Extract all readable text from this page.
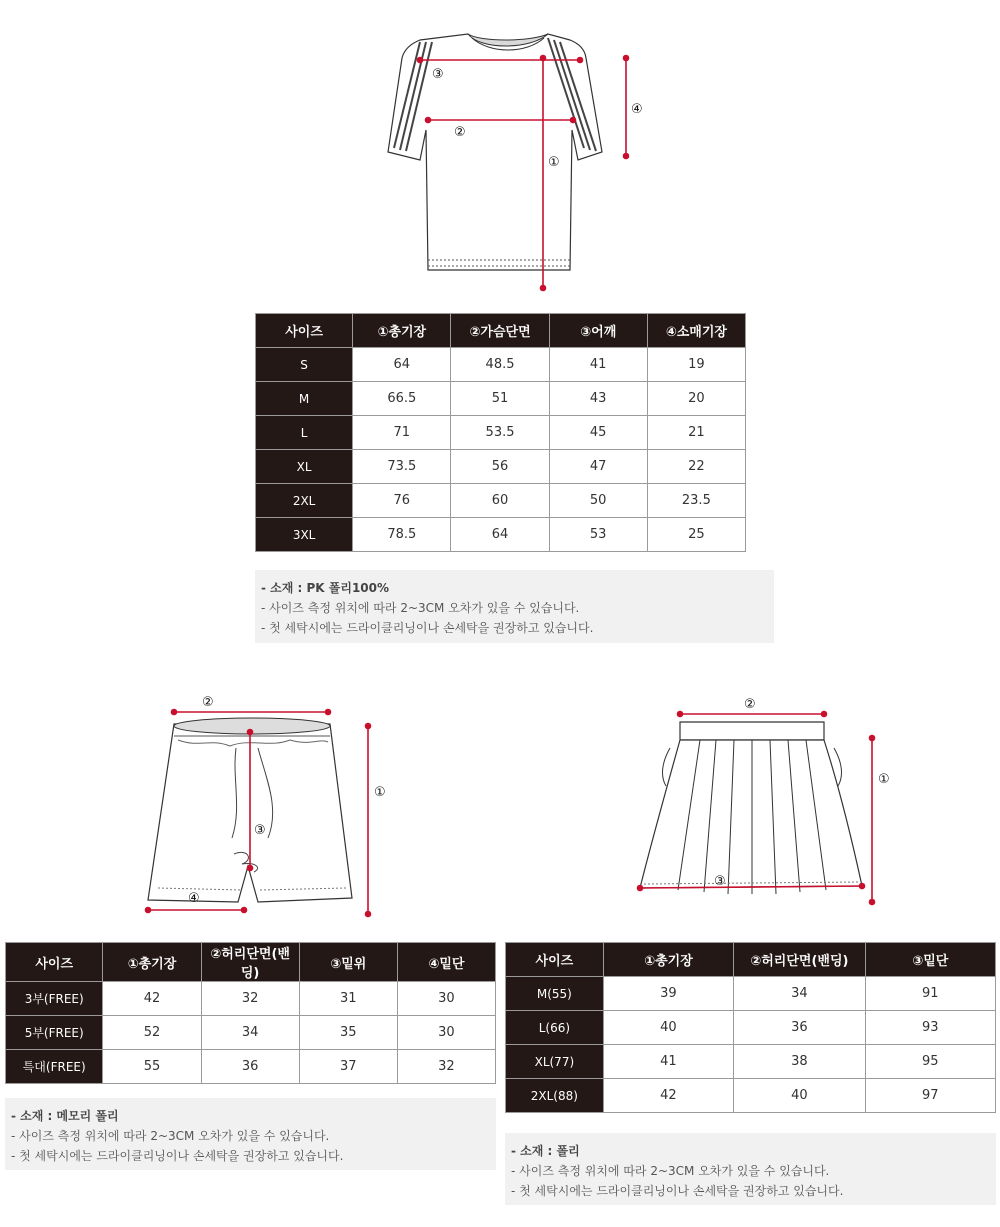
①
②
③
④
사이즈	①총기장	②가슴단면	③어깨	④소매기장
S	64	48.5	41	19
M	66.5	51	43	20
L	71	53.5	45	21
XL	73.5	56	47	22
2XL	76	60	50	23.5
3XL	78.5	64	53	25
- 소재 : PK 폴리100%
- 사이즈 측정 위치에 따라 2~3CM 오차가 있을 수 있습니다.
- 첫 세탁시에는 드라이클리닝이나 손세탁을 권장하고 있습니다.
②
①
③
④
사이즈	①총기장	②허리단면(밴딩)	③밑위	④밑단
3부(FREE)	42	32	31	30
5부(FREE)	52	34	35	30
특대(FREE)	55	36	37	32
- 소재 : 메모리 폴리
- 사이즈 측정 위치에 따라 2~3CM 오차가 있을 수 있습니다.
- 첫 세탁시에는 드라이클리닝이나 손세탁을 권장하고 있습니다.
②
①
③
사이즈	①총기장	②허리단면(밴딩)	③밑단
M(55)	39	34	91
L(66)	40	36	93
XL(77)	41	38	95
2XL(88)	42	40	97
- 소재 : 폴리
- 사이즈 측정 위치에 따라 2~3CM 오차가 있을 수 있습니다.
- 첫 세탁시에는 드라이클리닝이나 손세탁을 권장하고 있습니다.
